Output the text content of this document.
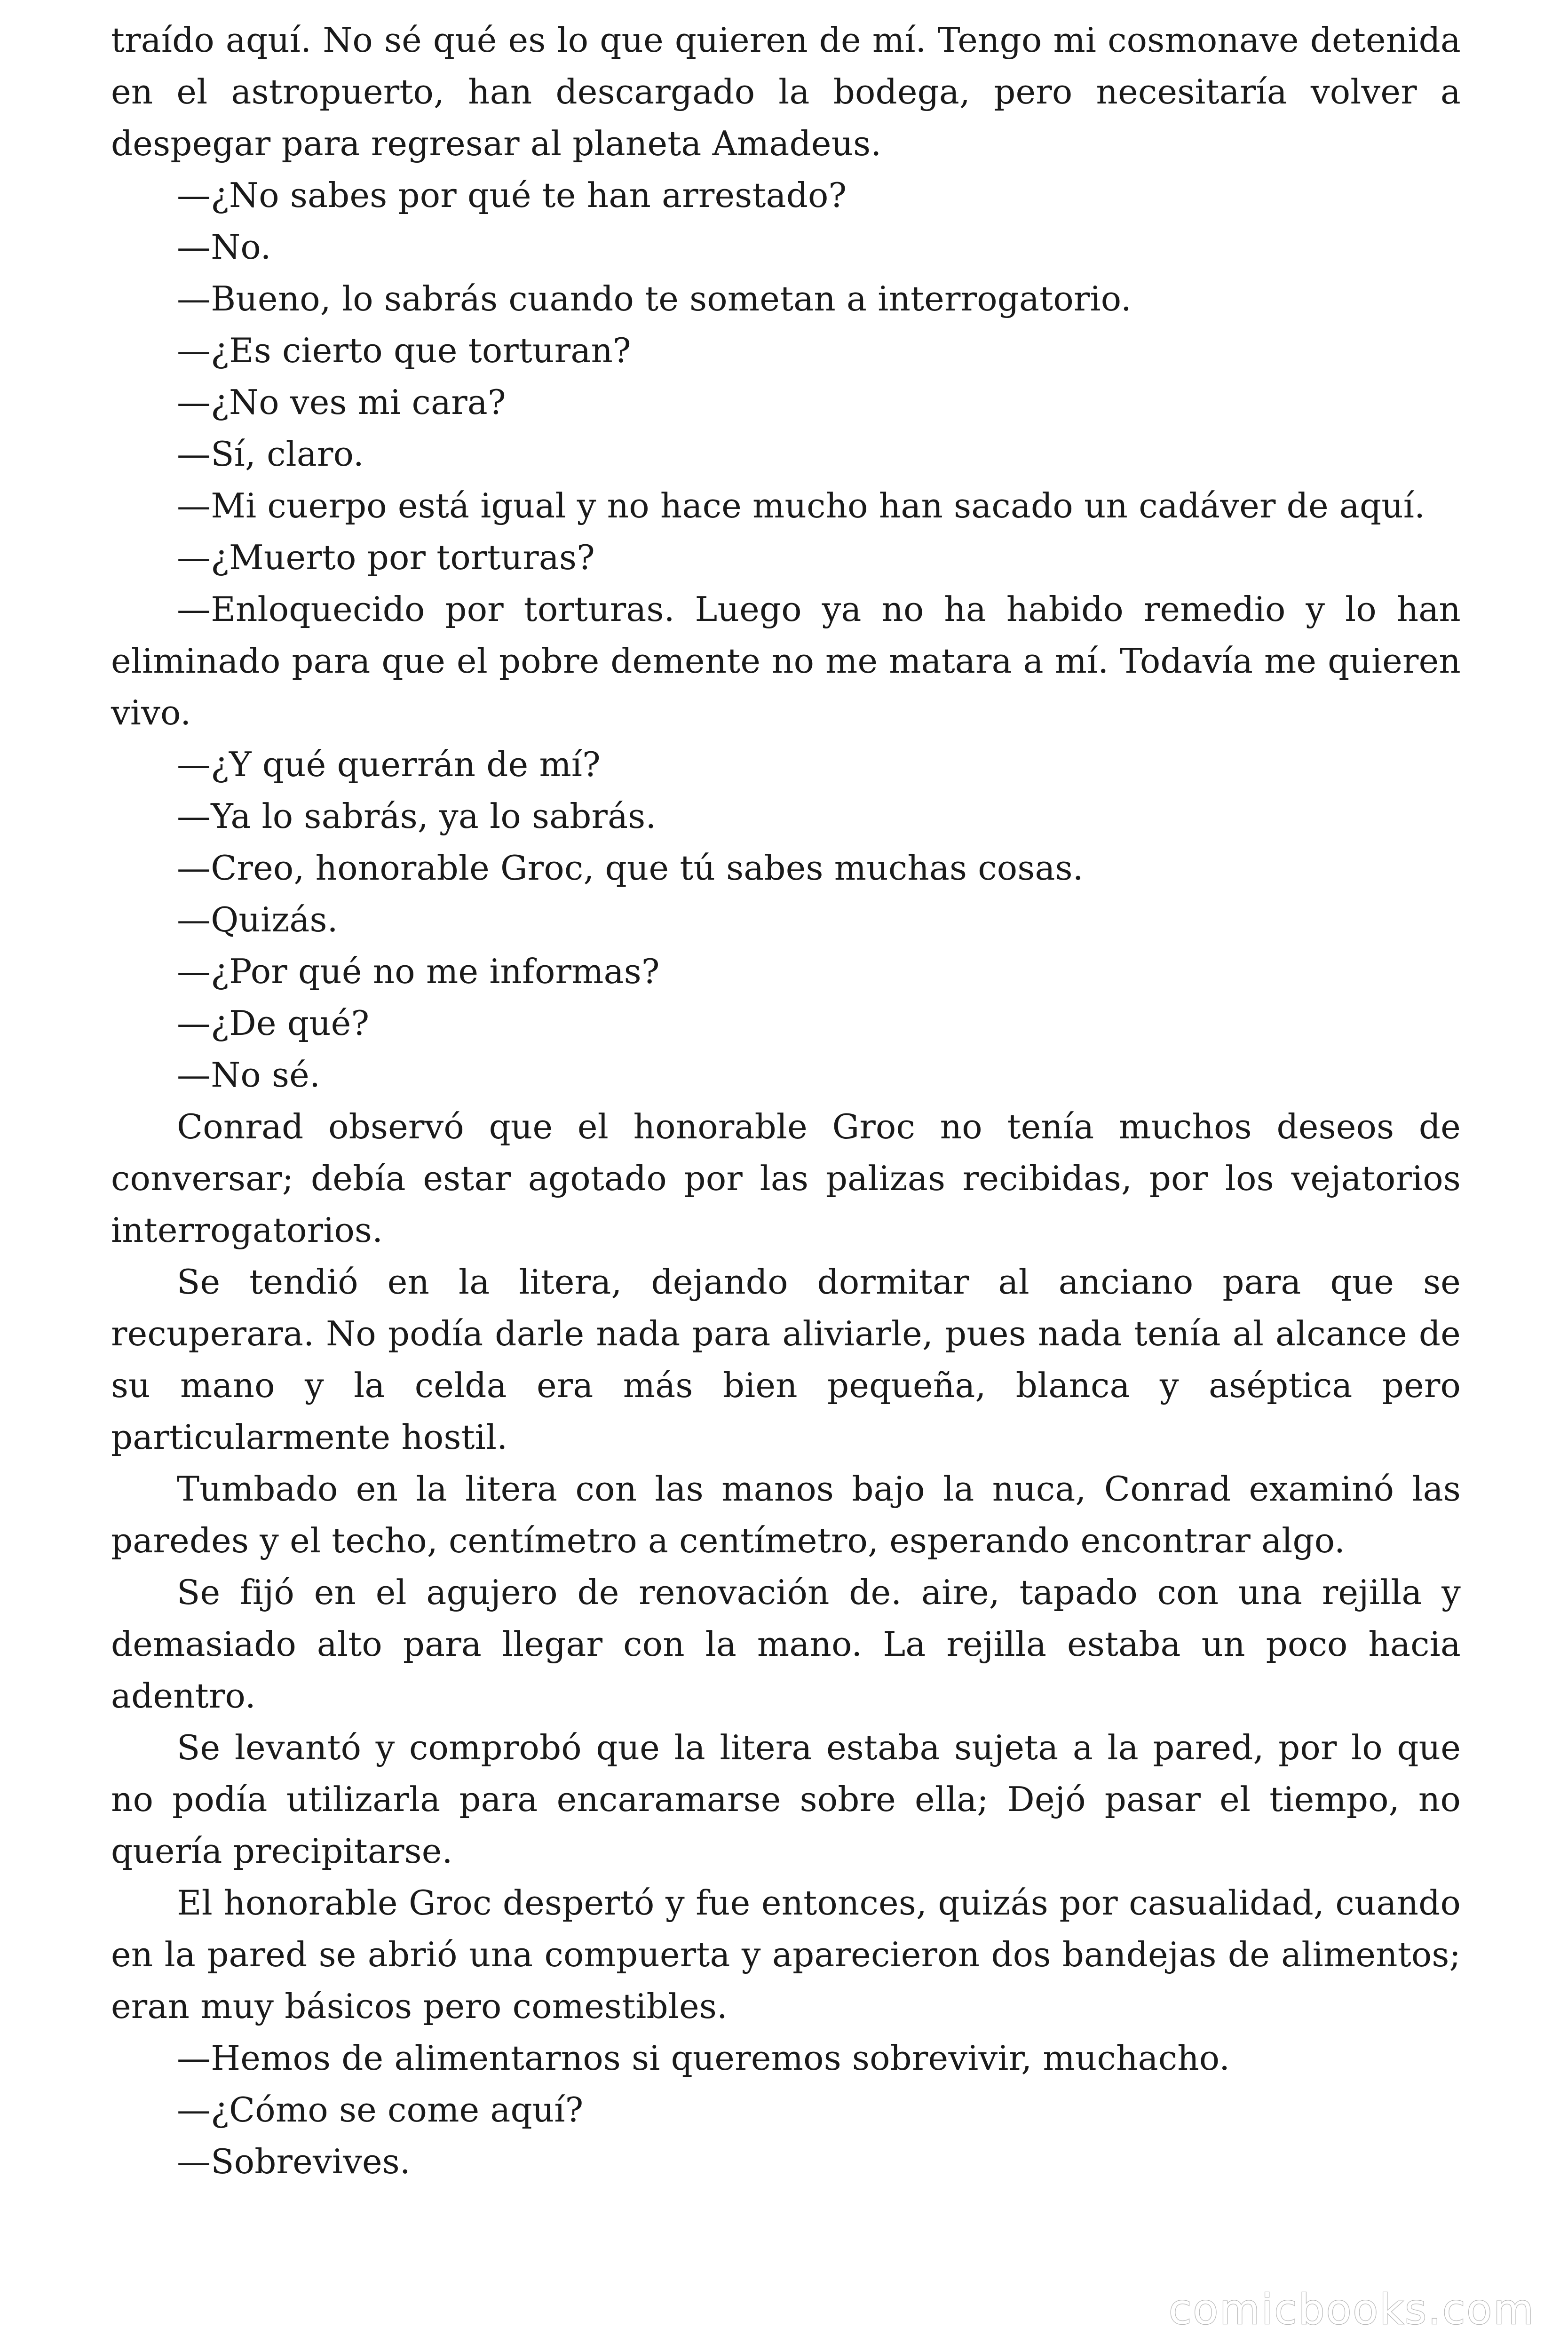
traído aquí. No sé qué es lo que quieren de mí. Tengo mi cosmonave detenida en el astropuerto, han descargado la bodega, pero necesitaría volver a despegar para regresar al planeta Amadeus.

—¿No sabes por qué te han arrestado?

—No.

—Bueno, lo sabrás cuando te sometan a interrogatorio.

—¿Es cierto que torturan?

—¿No ves mi cara?

—Sí, claro.

—Mi cuerpo está igual y no hace mucho han sacado un cadáver de aquí.

—¿Muerto por torturas?

—Enloquecido por torturas. Luego ya no ha habido remedio y lo han eliminado para que el pobre demente no me matara a mí. Todavía me quieren vivo.

—¿Y qué querrán de mí?

—Ya lo sabrás, ya lo sabrás.

—Creo, honorable Groc, que tú sabes muchas cosas.

—Quizás.

—¿Por qué no me informas?

—¿De qué?

—No sé.

Conrad observó que el honorable Groc no tenía muchos deseos de conversar; debía estar agotado por las palizas recibidas, por los vejatorios interrogatorios.

Se tendió en la litera, dejando dormitar al anciano para que se recuperara. No podía darle nada para aliviarle, pues nada tenía al alcance de su mano y la celda era más bien pequeña, blanca y aséptica pero particularmente hostil.

Tumbado en la litera con las manos bajo la nuca, Conrad examinó las paredes y el techo, centímetro a centímetro, esperando encontrar algo.

Se fijó en el agujero de renovación de. aire, tapado con una rejilla y demasiado alto para llegar con la mano. La rejilla estaba un poco hacia adentro.

Se levantó y comprobó que la litera estaba sujeta a la pared, por lo que no podía utilizarla para encaramarse sobre ella; Dejó pasar el tiempo, no quería precipitarse.

El honorable Groc despertó y fue entonces, quizás por casualidad, cuando en la pared se abrió una compuerta y aparecieron dos bandejas de alimentos; eran muy básicos pero comestibles.

—Hemos de alimentarnos si queremos sobrevivir, muchacho.

—¿Cómo se come aquí?

—Sobrevives.

comicbooks.com
